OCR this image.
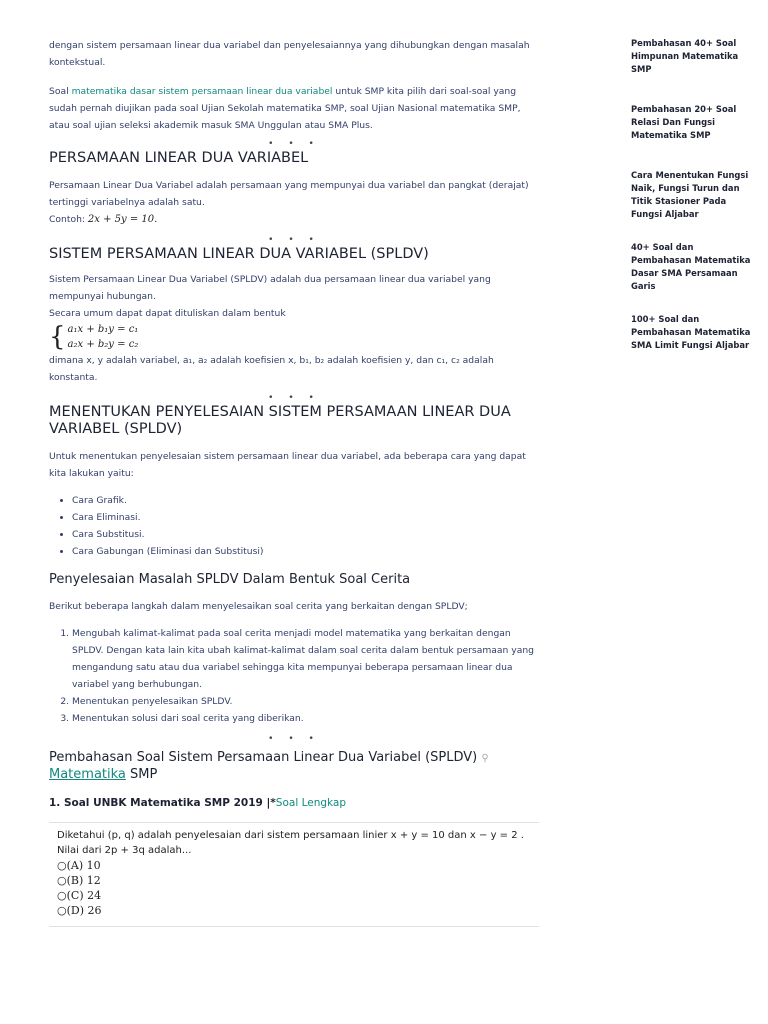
dengan sistem persamaan linear dua variabel dan penyelesaiannya yang dihubungkan dengan masalah kontekstual.

Soal matematika dasar sistem persamaan linear dua variabel untuk SMP kita pilih dari soal-soal yang sudah pernah diujikan pada soal Ujian Sekolah matematika SMP, soal Ujian Nasional matematika SMP, atau soal ujian seleksi akademik masuk SMA Unggulan atau SMA Plus.

• • •
PERSAMAAN LINEAR DUA VARIABEL

Persamaan Linear Dua Variabel adalah persamaan yang mempunyai dua variabel dan pangkat (derajat) tertinggi variabelnya adalah satu.

Contoh: 2x + 5y = 10.

• • •
SISTEM PERSAMAAN LINEAR DUA VARIABEL (SPLDV)

Sistem Persamaan Linear Dua Variabel (SPLDV) adalah dua persamaan linear dua variabel yang mempunyai hubungan.

Secara umum dapat dapat dituliskan dalam bentuk

{ a₁x + b₁y = c₁
a₂x + b₂y = c₂

dimana x, y adalah variabel, a₁, a₂ adalah koefisien x, b₁, b₂ adalah koefisien y, dan c₁, c₂ adalah konstanta.

• • •
MENENTUKAN PENYELESAIAN SISTEM PERSAMAAN LINEAR DUA VARIABEL (SPLDV)

Untuk menentukan penyelesaian sistem persamaan linear dua variabel, ada beberapa cara yang dapat kita lakukan yaitu:

• Cara Grafik.
• Cara Eliminasi.
• Cara Substitusi.
• Cara Gabungan (Eliminasi dan Substitusi)
Penyelesaian Masalah SPLDV Dalam Bentuk Soal Cerita

Berikut beberapa langkah dalam menyelesaikan soal cerita yang berkaitan dengan SPLDV;

1. Mengubah kalimat-kalimat pada soal cerita menjadi model matematika yang berkaitan dengan SPLDV. Dengan kata lain kita ubah kalimat-kalimat dalam soal cerita dalam bentuk persamaan yang mengandung satu atau dua variabel sehingga kita mempunyai beberapa persamaan linear dua variabel yang berhubungan.
2. Menentukan penyelesaikan SPLDV.
3. Menentukan solusi dari soal cerita yang diberikan.
• • •
Pembahasan Soal Sistem Persamaan Linear Dua Variabel (SPLDV) ⚲
Matematika SMP
1. Soal UNBK Matematika SMP 2019 |*Soal Lengkap

Diketahui (p, q) adalah penyelesaian dari sistem persamaan linier x + y = 10 dan x − y = 2 . Nilai dari 2p + 3q adalah...

○(A) 10
○(B) 12
○(C) 24
○(D) 26
Pembahasan 40+ Soal
Himpunan Matematika
SMP
Pembahasan 20+ Soal
Relasi Dan Fungsi
Matematika SMP
Cara Menentukan Fungsi
Naik, Fungsi Turun dan
Titik Stasioner Pada
Fungsi Aljabar
40+ Soal dan
Pembahasan Matematika
Dasar SMA Persamaan
Garis
100+ Soal dan
Pembahasan Matematika
SMA Limit Fungsi Aljabar
